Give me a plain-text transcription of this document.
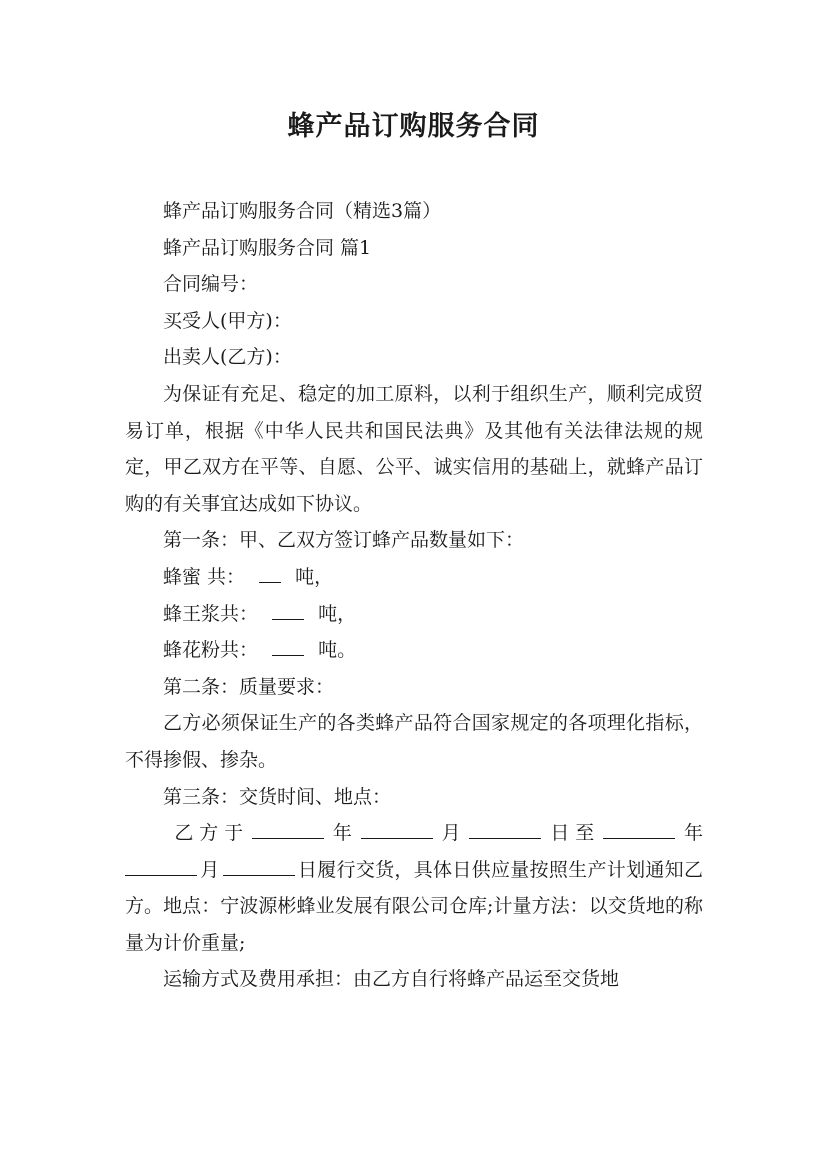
蜂产品订购服务合同

蜂产品订购服务合同（精选3篇）

蜂产品订购服务合同 篇1

合同编号：

买受人(甲方)：

出卖人(乙方)：

为保证有充足、稳定的加工原料，以利于组织生产，顺利完成贸易订单，根据《中华人民共和国民法典》及其他有关法律法规的规定，甲乙双方在平等、自愿、公平、诚实信用的基础上，就蜂产品订购的有关事宜达成如下协议。

第一条：甲、乙双方签订蜂产品数量如下：

蜂蜜 共：	吨，

蜂王浆共：	吨，

蜂花粉共：	吨。

第二条：质量要求：

乙方必须保证生产的各类蜂产品符合国家规定的各项理化指标，不得掺假、掺杂。

第三条：交货时间、地点：

乙方于	年	月	日至	年月	日履行交货，具体日供应量按照生产计划通知乙方。地点：宁波源彬蜂业发展有限公司仓库;计量方法：以交货地的称量为计价重量;

运输方式及费用承担：由乙方自行将蜂产品运至交货地
